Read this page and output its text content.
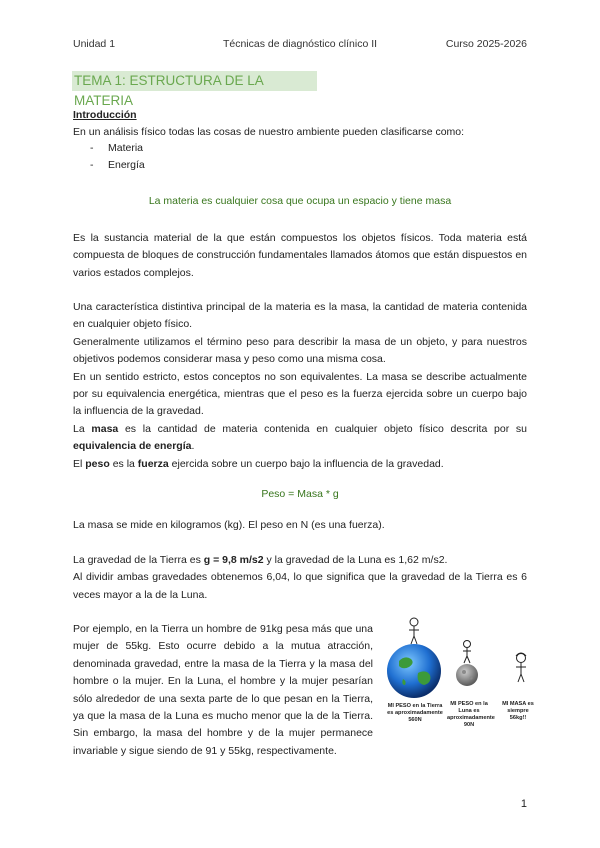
Unidad 1	Técnicas de diagnóstico clínico II	Curso 2025-2026
TEMA 1: ESTRUCTURA DE LA MATERIA
Introducción
En un análisis físico todas las cosas de nuestro ambiente pueden clasificarse como:
- Materia
- Energía
La materia es cualquier cosa que ocupa un espacio y tiene masa
Es la sustancia material de la que están compuestos los objetos físicos. Toda materia está compuesta de bloques de construcción fundamentales llamados átomos que están dispuestos en varios estados complejos.
Una característica distintiva principal de la materia es la masa, la cantidad de materia contenida en cualquier objeto físico.
Generalmente utilizamos el término peso para describir la masa de un objeto, y para nuestros objetivos podemos considerar masa y peso como una misma cosa.
En un sentido estricto, estos conceptos no son equivalentes. La masa se describe actualmente por su equivalencia energética, mientras que el peso es la fuerza ejercida sobre un cuerpo bajo la influencia de la gravedad.
La masa es la cantidad de materia contenida en cualquier objeto físico descrita por su equivalencia de energía.
El peso es la fuerza ejercida sobre un cuerpo bajo la influencia de la gravedad.
Peso = Masa * g
La masa se mide en kilogramos (kg). El peso en N (es una fuerza).
La gravedad de la Tierra es g = 9,8 m/s2 y la gravedad de la Luna es 1,62 m/s2.
Al dividir ambas gravedades obtenemos 6,04, lo que significa que la gravedad de la Tierra es 6 veces mayor a la de la Luna.
Por ejemplo, en la Tierra un hombre de 91kg pesa más que una mujer de 55kg. Esto ocurre debido a la mutua atracción, denominada gravedad, entre la masa de la Tierra y la masa del hombre o la mujer. En la Luna, el hombre y la mujer pesarían sólo alrededor de una sexta parte de lo que pesan en la Tierra, ya que la masa de la Luna es mucho menor que la de la Tierra. Sin embargo, la masa del hombre y de la mujer permanece invariable y sigue siendo de 91 y 55kg, respectivamente.
MI PESO en la Tierra es aproximadamente 560N
MI PESO en la Luna es aproximadamente 90N
MI MASA es siempre 56kg!!
1
